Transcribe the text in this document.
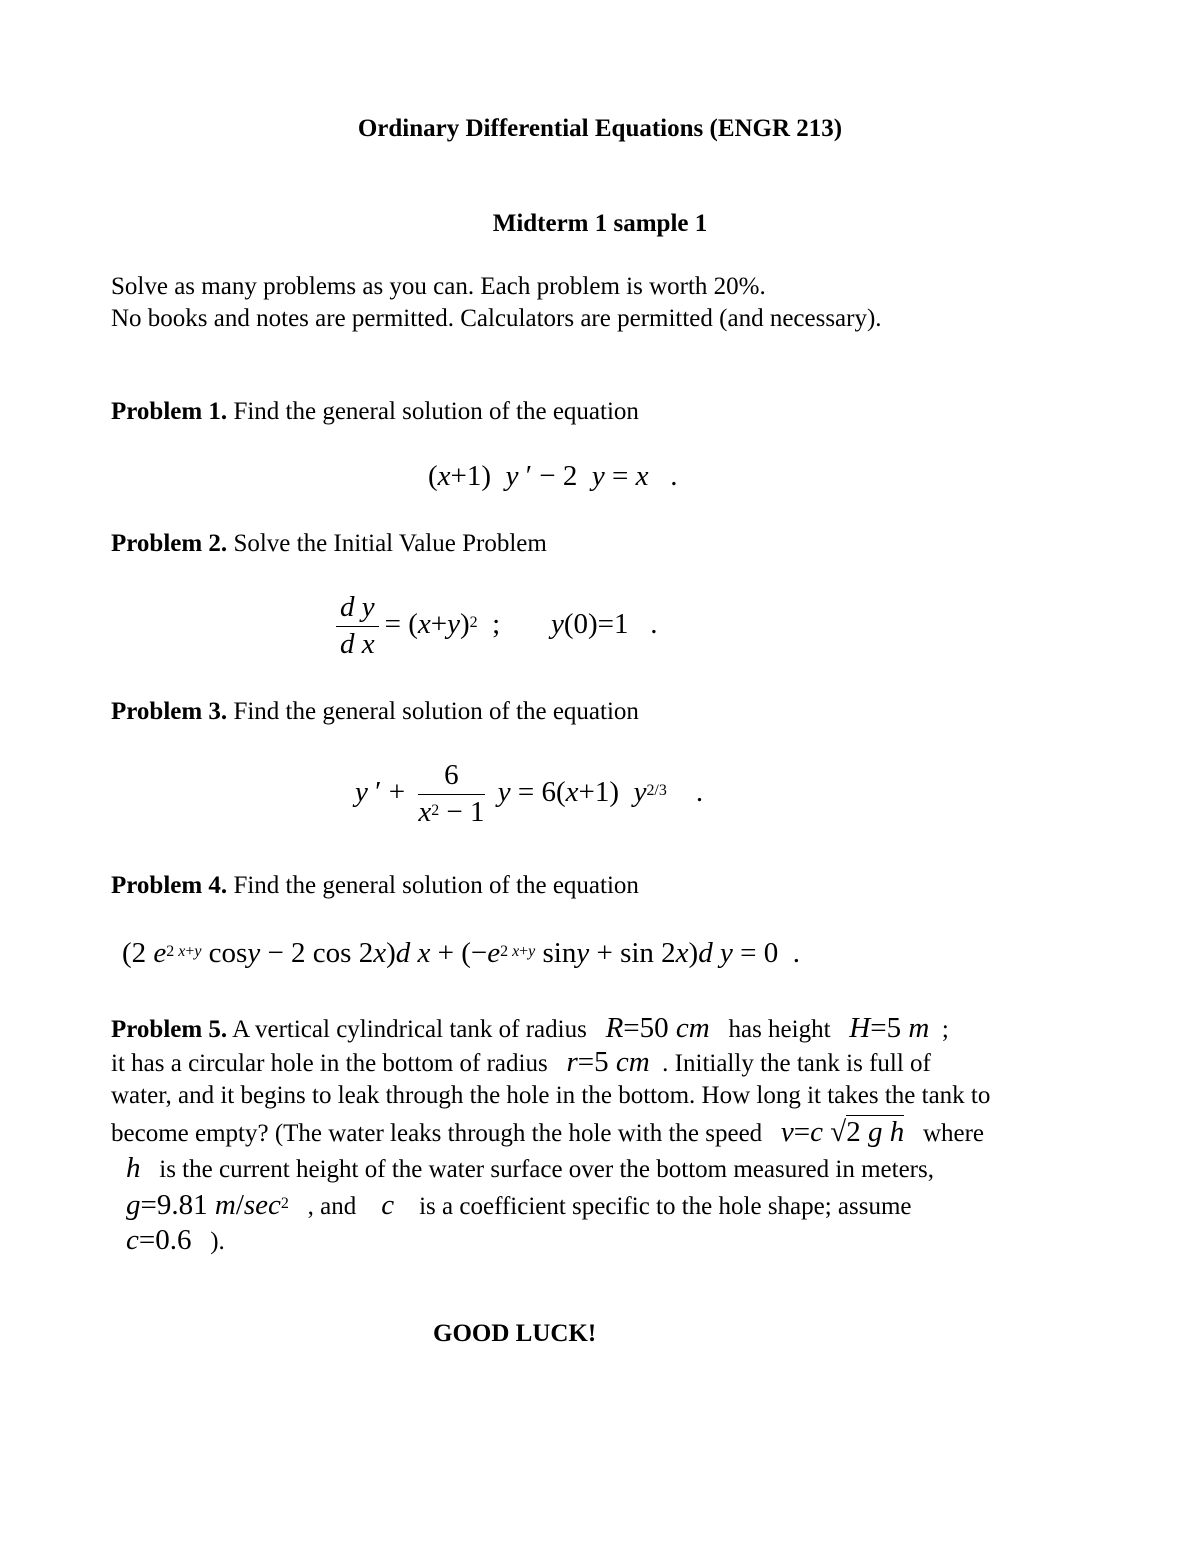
Ordinary Differential Equations (ENGR 213)
Midterm 1 sample 1
Solve as many problems as you can. Each problem is worth 20%.
No books and notes are permitted. Calculators are permitted (and necessary).
Problem 1. Find the general solution of the equation
(x+1)  y ′ − 2  y = x   .
Problem 2. Solve the Initial Value Problem
$\frac{\text{d y}}{\text{d x}} = (x+y)^2$  ;       y(0)=1   .
Problem 3. Find the general solution of the equation
y ′ + $\frac{6}{x^2 - 1}$ y = 6(x+1)  $y^{2/3}$    .
Problem 4. Find the general solution of the equation
(2 $e^{2 x+y}$ cosy − 2 cos 2x)d $x + (-e^{2 x+y}$ siny + sin 2x)d y = 0  .
Problem 5. A vertical cylindrical tank of radius R=50 cm has height H=5 m  ;
it has a circular hole in the bottom of radius r=5 cm . Initially the tank is full of
water, and it begins to leak through the hole in the bottom. How long it takes the tank to
become empty? (The water leaks through the hole with the speed v=c √2 g h where
h is the current height of the water surface over the bottom measured in meters,
g=9.81 $m/\sec^2$ , and c is a coefficient specific to the hole shape; assume
c=0.6 ).
GOOD LUCK!
